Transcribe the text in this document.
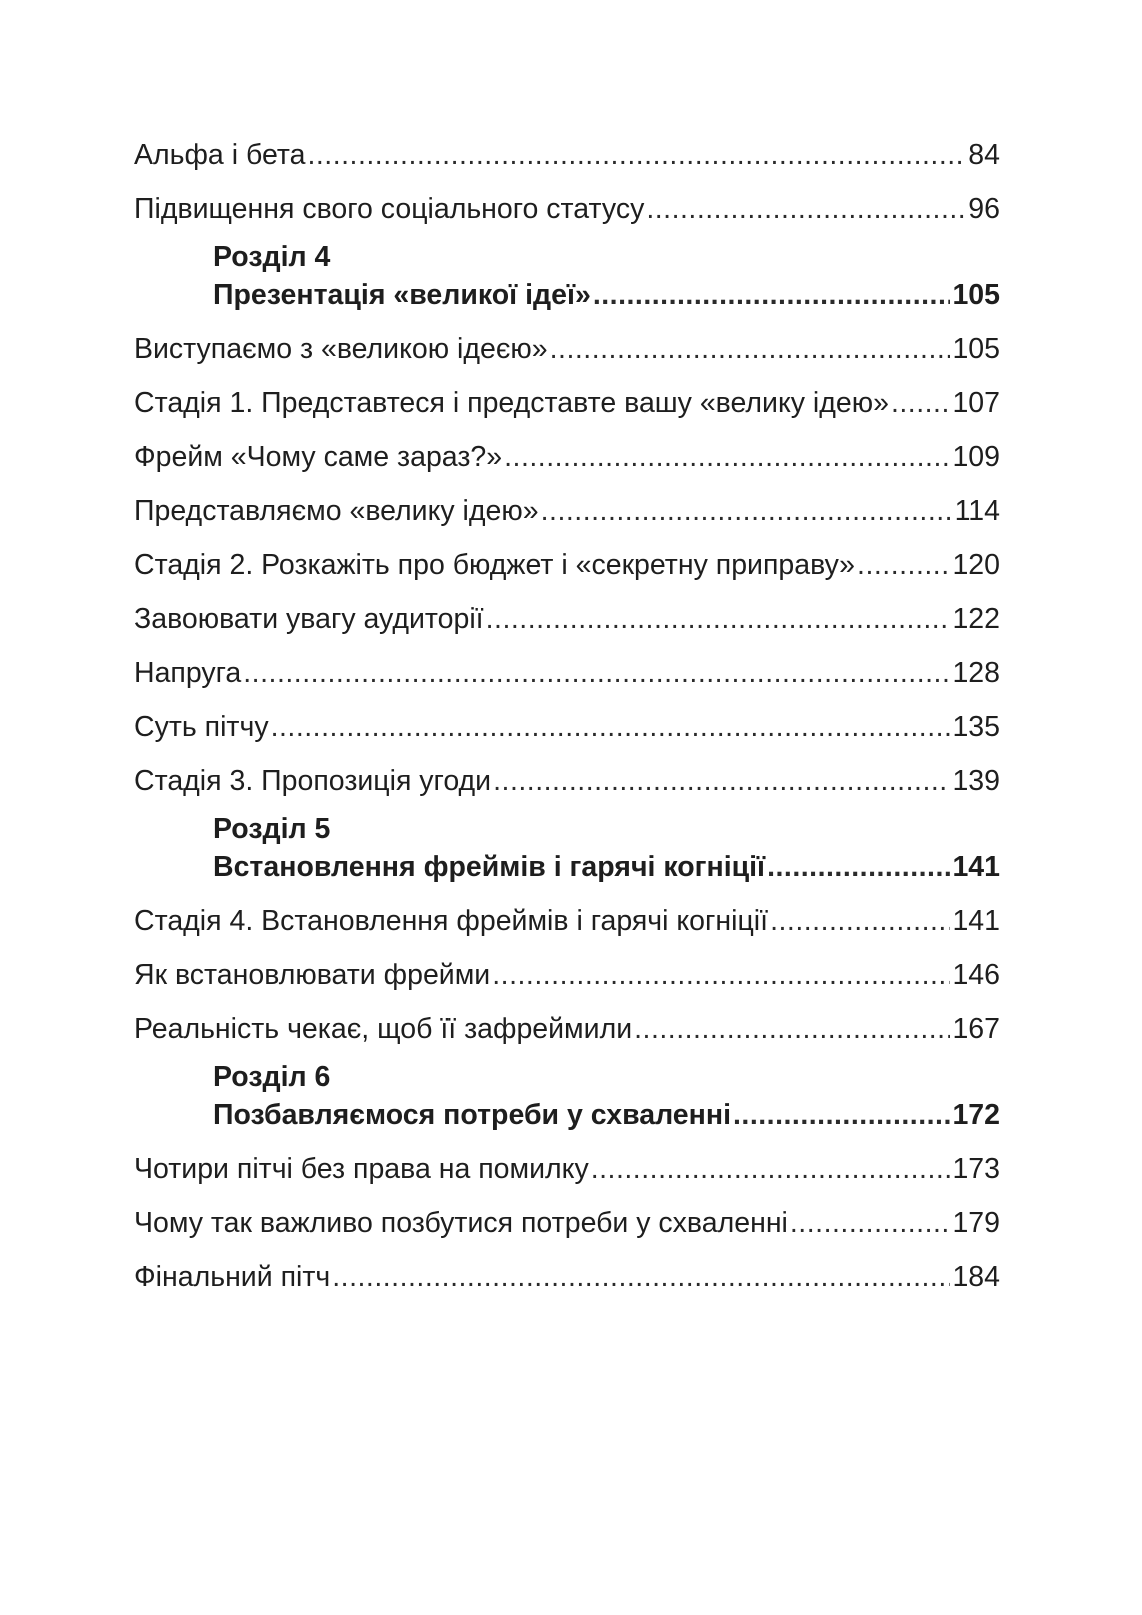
Альфа і бета .....	84
Підвищення свого соціального статусу .....	96
Розділ 4
Презентація «великої ідеї» .....	105
Виступаємо з «великою ідеєю» .....	105
Стадія 1. Представтеся і представте вашу «велику ідею» ..... 107
Фрейм «Чому саме зараз?» .....	109
Представляємо «велику ідею» .....	114
Стадія 2. Розкажіть про бюджет і «секретну приправу» .....	120
Завоювати увагу аудиторії .....	122
Напруга .....	128
Суть пітчу .....	135
Стадія 3. Пропозиція угоди .....	139
Розділ 5
Встановлення фреймів і гарячі когніції .....	141
Стадія 4. Встановлення фреймів і гарячі когніції .....	141
Як встановлювати фрейми .....	146
Реальність чекає, щоб її зафреймили .....	167
Розділ 6
Позбавляємося потреби у схваленні .....	172
Чотири пітчі без права на помилку .....	173
Чому так важливо позбутися потреби у схваленні .....	179
Фінальний пітч .....	184
